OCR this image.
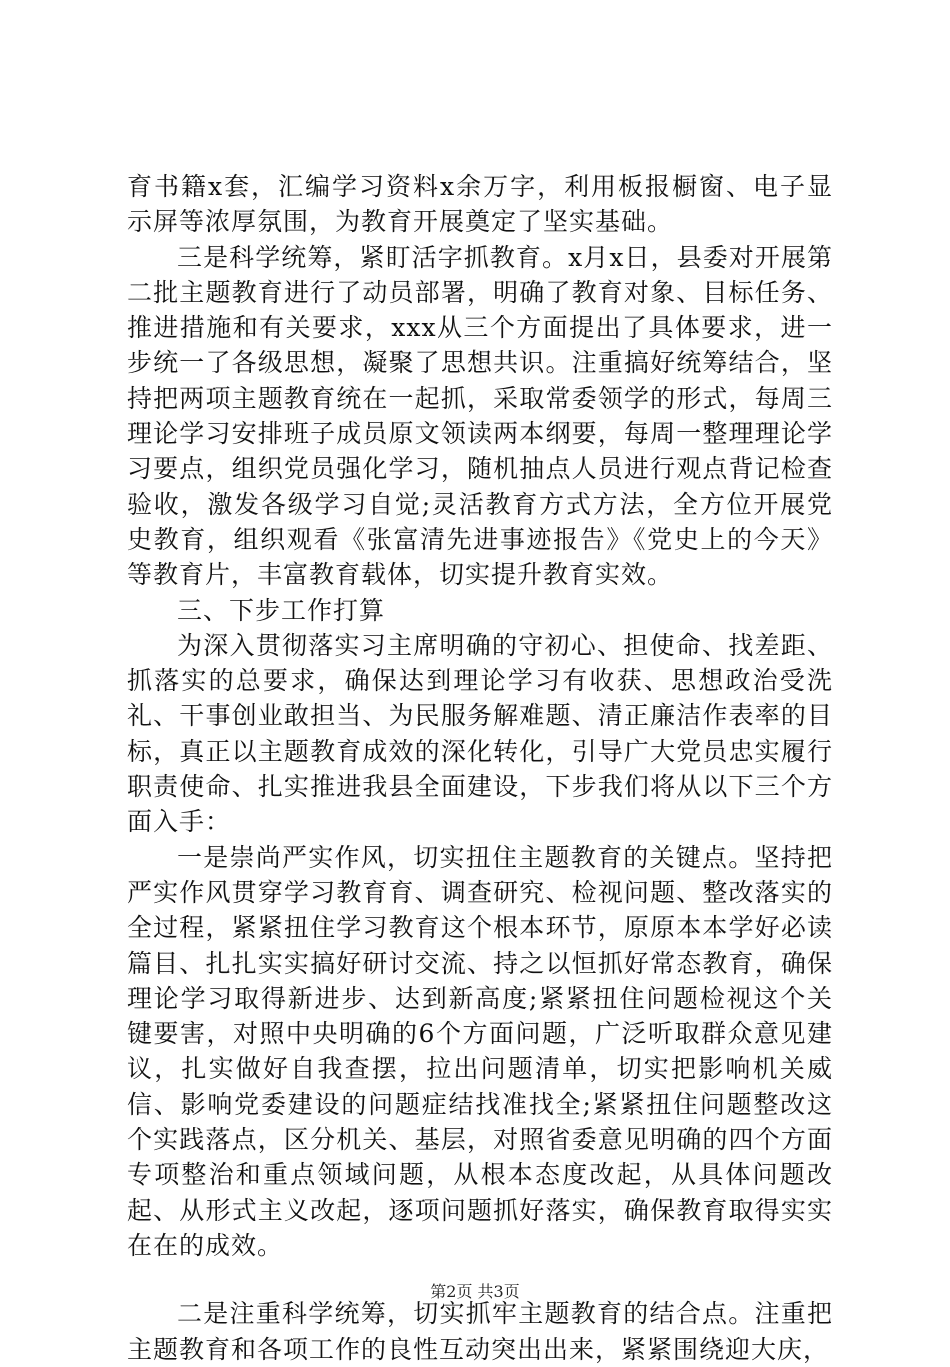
育书籍x套，汇编学习资料x余万字，利用板报橱窗、电子显示屏等浓厚氛围，为教育开展奠定了坚实基础。

三是科学统筹，紧盯活字抓教育。x月x日，县委对开展第二批主题教育进行了动员部署，明确了教育对象、目标任务、推进措施和有关要求，xxx从三个方面提出了具体要求，进一步统一了各级思想，凝聚了思想共识。注重搞好统筹结合，坚持把两项主题教育统在一起抓，采取常委领学的形式，每周三理论学习安排班子成员原文领读两本纲要，每周一整理理论学习要点，组织党员强化学习，随机抽点人员进行观点背记检查验收，激发各级学习自觉;灵活教育方式方法，全方位开展党史教育，组织观看《张富清先进事迹报告》《党史上的今天》等教育片，丰富教育载体，切实提升教育实效。

三、下步工作打算

为深入贯彻落实习主席明确的守初心、担使命、找差距、抓落实的总要求，确保达到理论学习有收获、思想政治受洗礼、干事创业敢担当、为民服务解难题、清正廉洁作表率的目标，真正以主题教育成效的深化转化，引导广大党员忠实履行职责使命、扎实推进我县全面建设，下步我们将从以下三个方面入手：

一是崇尚严实作风，切实扭住主题教育的关键点。坚持把严实作风贯穿学习教育育、调查研究、检视问题、整改落实的全过程，紧紧扭住学习教育这个根本环节，原原本本学好必读篇目、扎扎实实搞好研讨交流、持之以恒抓好常态教育，确保理论学习取得新进步、达到新高度;紧紧扭住问题检视这个关键要害，对照中央明确的6个方面问题，广泛听取群众意见建议，扎实做好自我查摆，拉出问题清单，切实把影响机关威信、影响党委建设的问题症结找准找全;紧紧扭住问题整改这个实践落点，区分机关、基层，对照省委意见明确的四个方面专项整治和重点领域问题，从根本态度改起，从具体问题改起、从形式主义改起，逐项问题抓好落实，确保教育取得实实在在的成效。

二是注重科学统筹，切实抓牢主题教育的结合点。注重把主题教育和各项工作的良性互动突出出来，紧紧围绕迎大庆，

第2页 共3页
